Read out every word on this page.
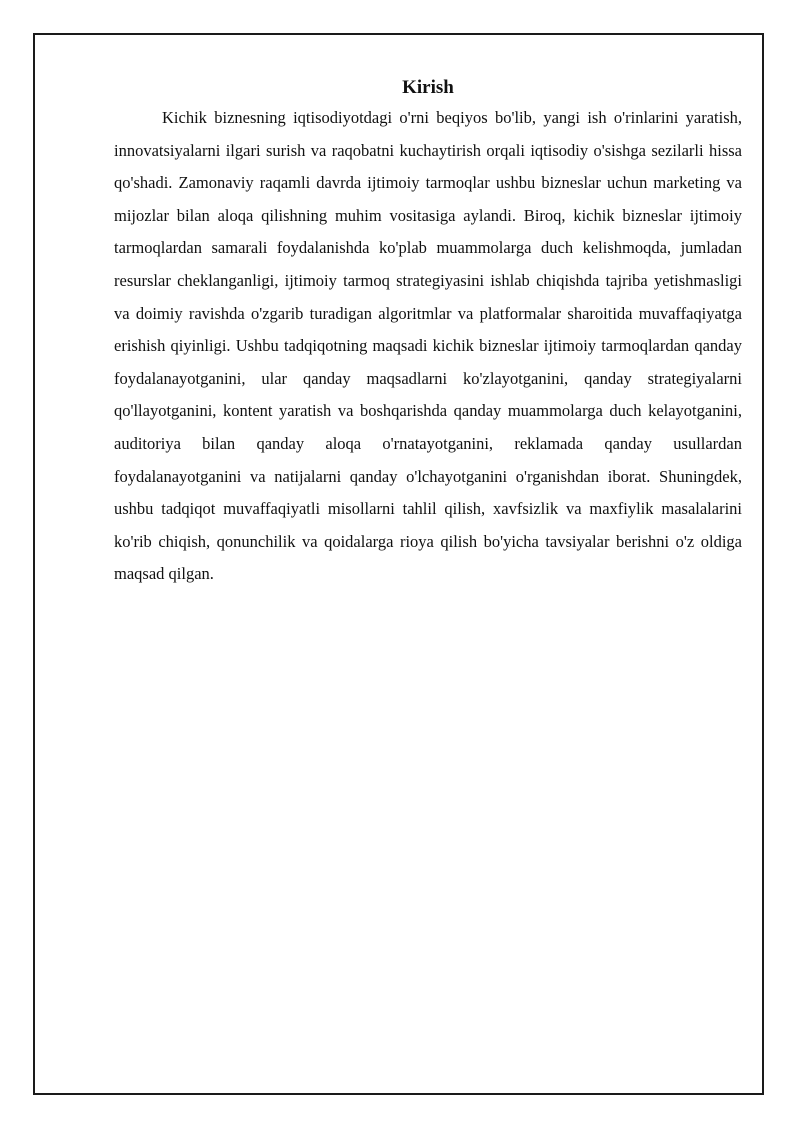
Kirish

Kichik biznesning iqtisodiyotdagi o'rni beqiyos bo'lib, yangi ish o'rinlarini yaratish, innovatsiyalarni ilgari surish va raqobatni kuchaytirish orqali iqtisodiy o'sishga sezilarli hissa qo'shadi. Zamonaviy raqamli davrda ijtimoiy tarmoqlar ushbu bizneslar uchun marketing va mijozlar bilan aloqa qilishning muhim vositasiga aylandi. Biroq, kichik bizneslar ijtimoiy tarmoqlardan samarali foydalanishda ko'plab muammolarga duch kelishmoqda, jumladan resurslar cheklanganligi, ijtimoiy tarmoq strategiyasini ishlab chiqishda tajriba yetishmasligi va doimiy ravishda o'zgarib turadigan algoritmlar va platformalar sharoitida muvaffaqiyatga erishish qiyinligi. Ushbu tadqiqotning maqsadi kichik bizneslar ijtimoiy tarmoqlardan qanday foydalanayotganini, ular qanday maqsadlarni ko'zlayotganini, qanday strategiyalarni qo'llayotganini, kontent yaratish va boshqarishda qanday muammolarga duch kelayotganini, auditoriya bilan qanday aloqa o'rnatayotganini, reklamada qanday usullardan foydalanayotganini va natijalarni qanday o'lchayotganini o'rganishdan iborat. Shuningdek, ushbu tadqiqot muvaffaqiyatli misollarni tahlil qilish, xavfsizlik va maxfiylik masalalarini ko'rib chiqish, qonunchilik va qoidalarga rioya qilish bo'yicha tavsiyalar berishni o'z oldiga maqsad qilgan.
